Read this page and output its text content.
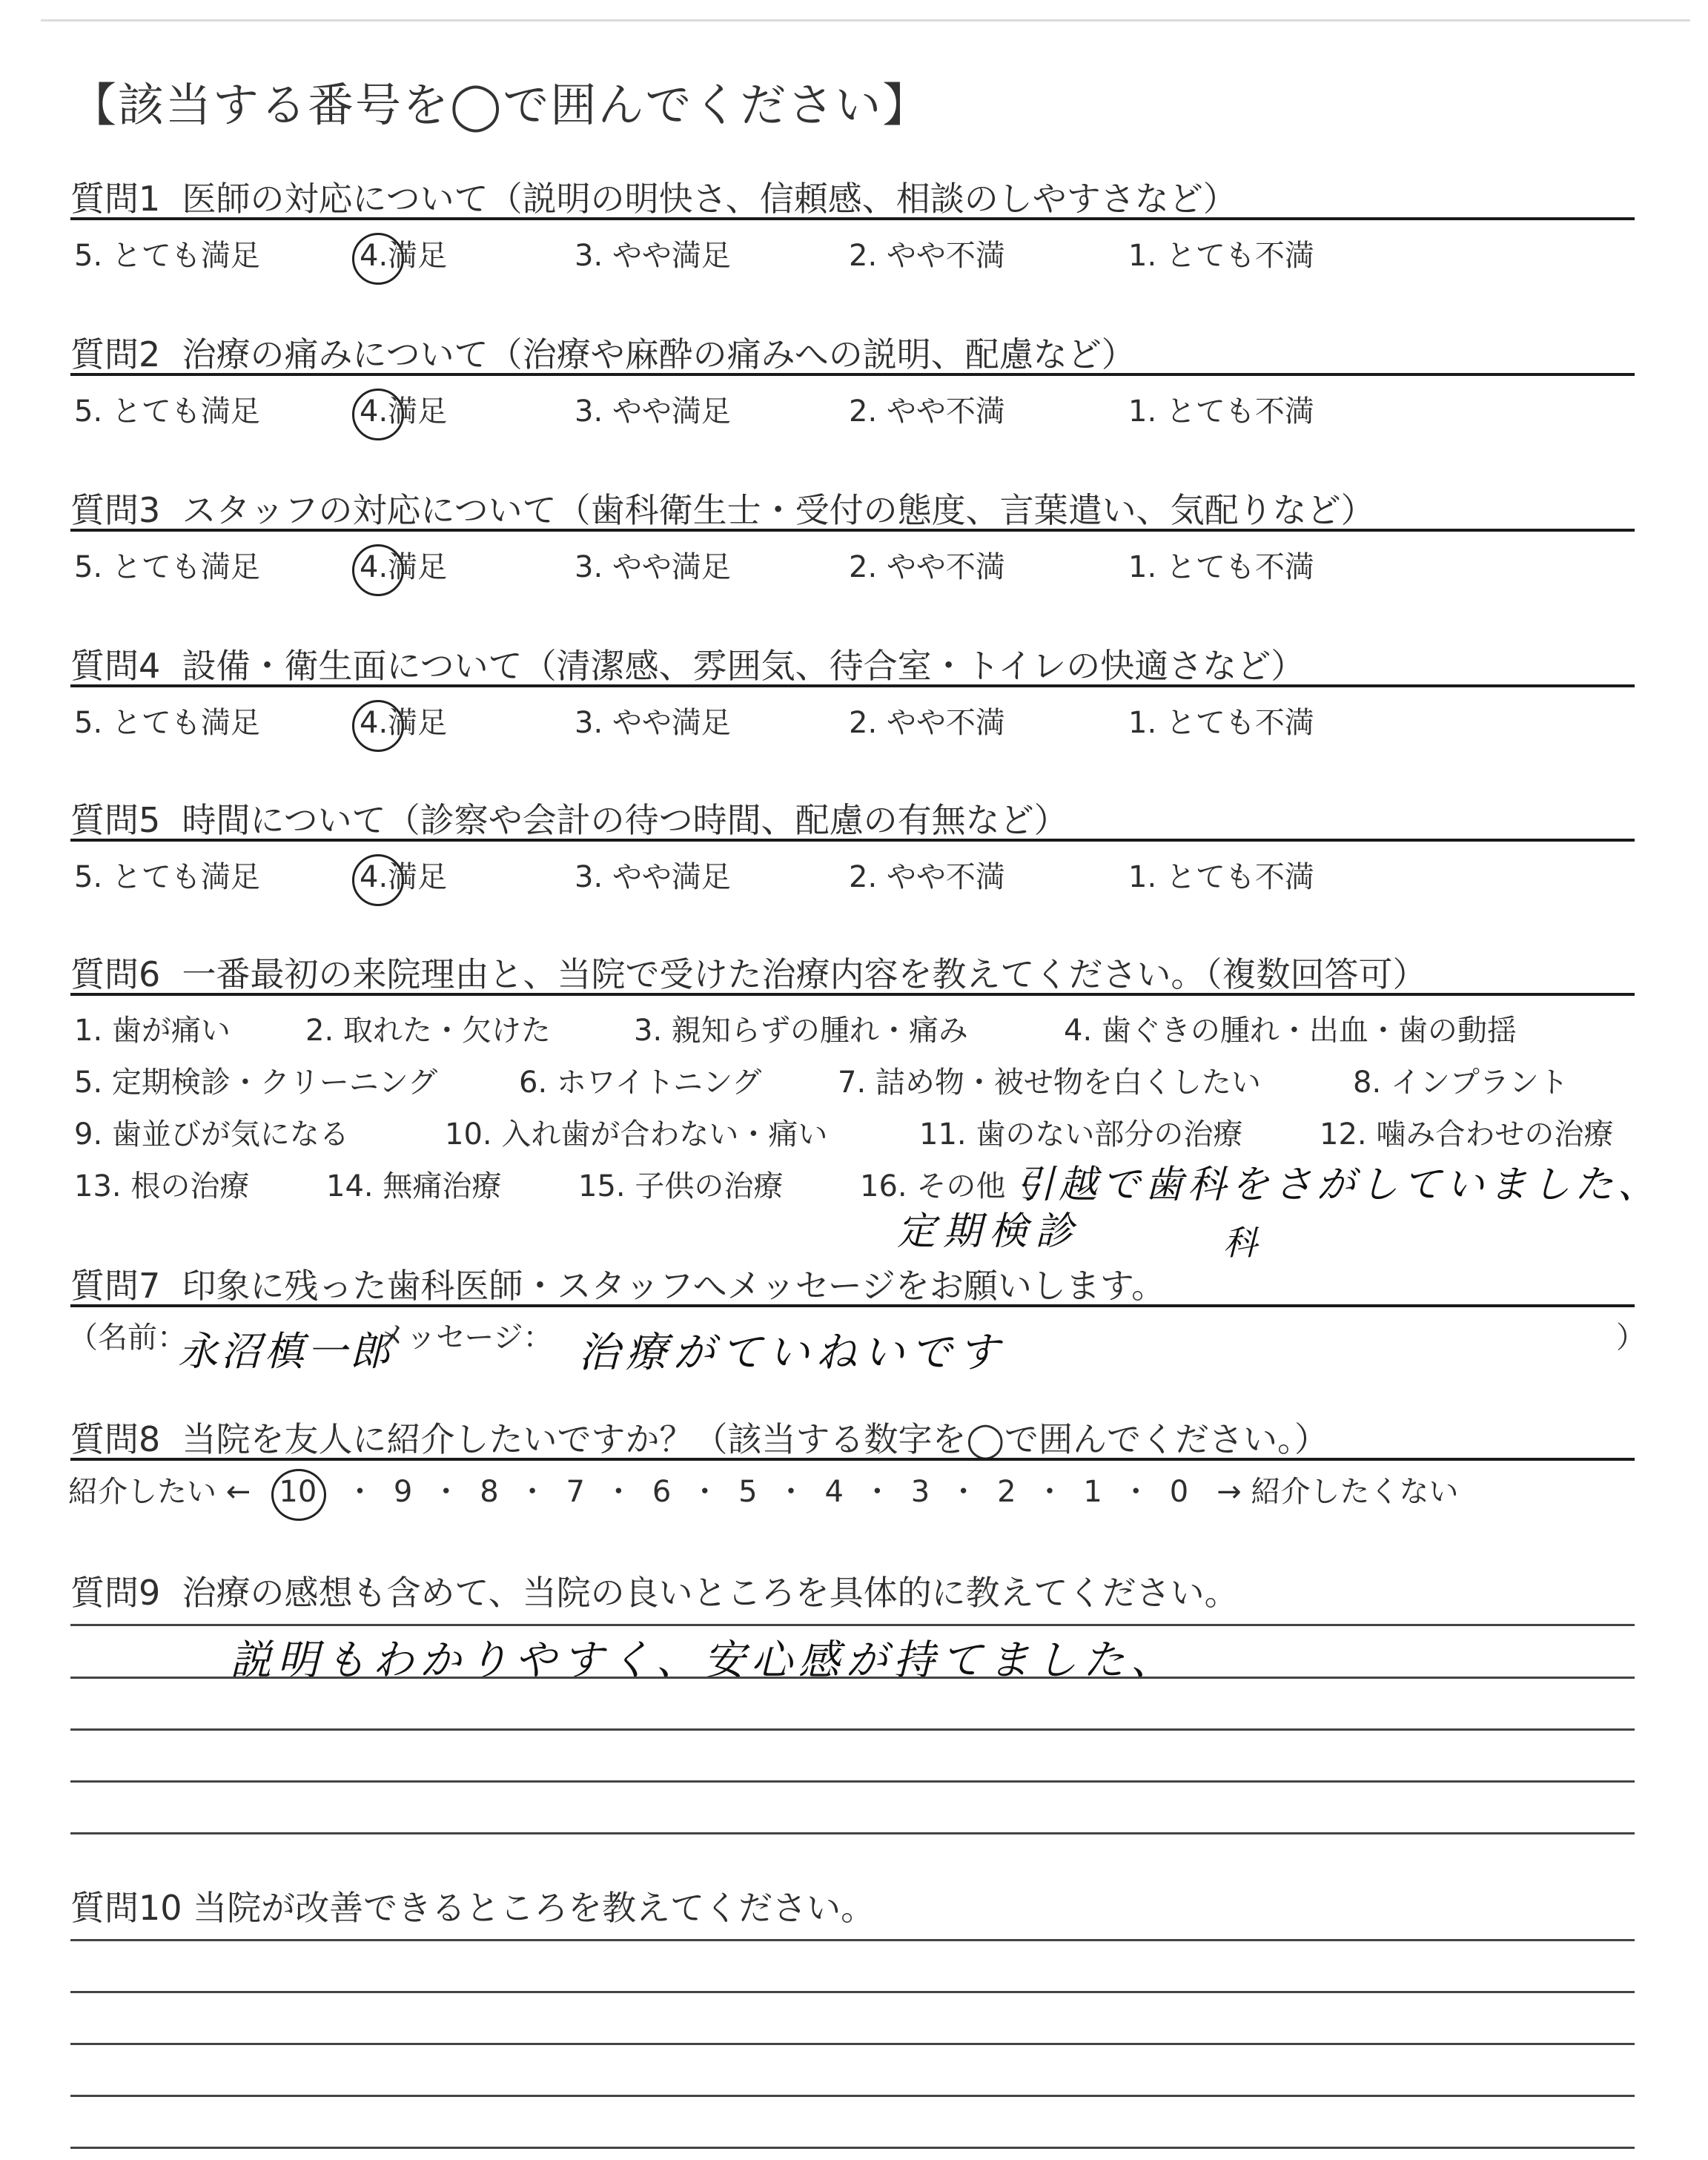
【該当する番号を◯で囲んでください】
質問1 医師の対応について（説明の明快さ、信頼感、相談のしやすさなど）
5. とても満足	4.満足	3. やや満足	2. やや不満	1. とても不満
質問2 治療の痛みについて（治療や麻酔の痛みへの説明、配慮など）
5. とても満足	4.満足	3. やや満足	2. やや不満	1. とても不満
質問3 スタッフの対応について（歯科衛生士・受付の態度、言葉遣い、気配りなど）
5. とても満足	4.満足	3. やや満足	2. やや不満	1. とても不満
質問4 設備・衛生面について（清潔感、雰囲気、待合室・トイレの快適さなど）
5. とても満足	4.満足	3. やや満足	2. やや不満	1. とても不満
質問5 時間について（診察や会計の待つ時間、配慮の有無など）
5. とても満足	4.満足	3. やや満足	2. やや不満	1. とても不満
質問6 一番最初の来院理由と、当院で受けた治療内容を教えてください。（複数回答可）
1. 歯が痛い	2. 取れた・欠けた	3. 親知らずの腫れ・痛み	4. 歯ぐきの腫れ・出血・歯の動揺
5. 定期検診・クリーニング	6. ホワイトニング	7. 詰め物・被せ物を白くしたい	8. インプラント
9. 歯並びが気になる	10. 入れ歯が合わない・痛い	11. 歯のない部分の治療	12. 噛み合わせの治療
13. 根の治療	14. 無痛治療	15. 子供の治療	16. その他（
引越で歯科をさがしていました、
定期検診	科
質問7 印象に残った歯科医師・スタッフへメッセージをお願いします。
（名前：
永沼槙一郎
メッセージ： 治療がていねいです	）
質問8 当院を友人に紹介したいですか？（該当する数字を◯で囲んでください。）
紹介したい ← 10   ・  9  ・  8  ・  7  ・  6  ・  5  ・  4  ・  3  ・  2  ・  1  ・  0 → 紹介したくない
質問9 治療の感想も含めて、当院の良いところを具体的に教えてください。
説明もわかりやすく、安心感が持てました、
質問10 当院が改善できるところを教えてください。
